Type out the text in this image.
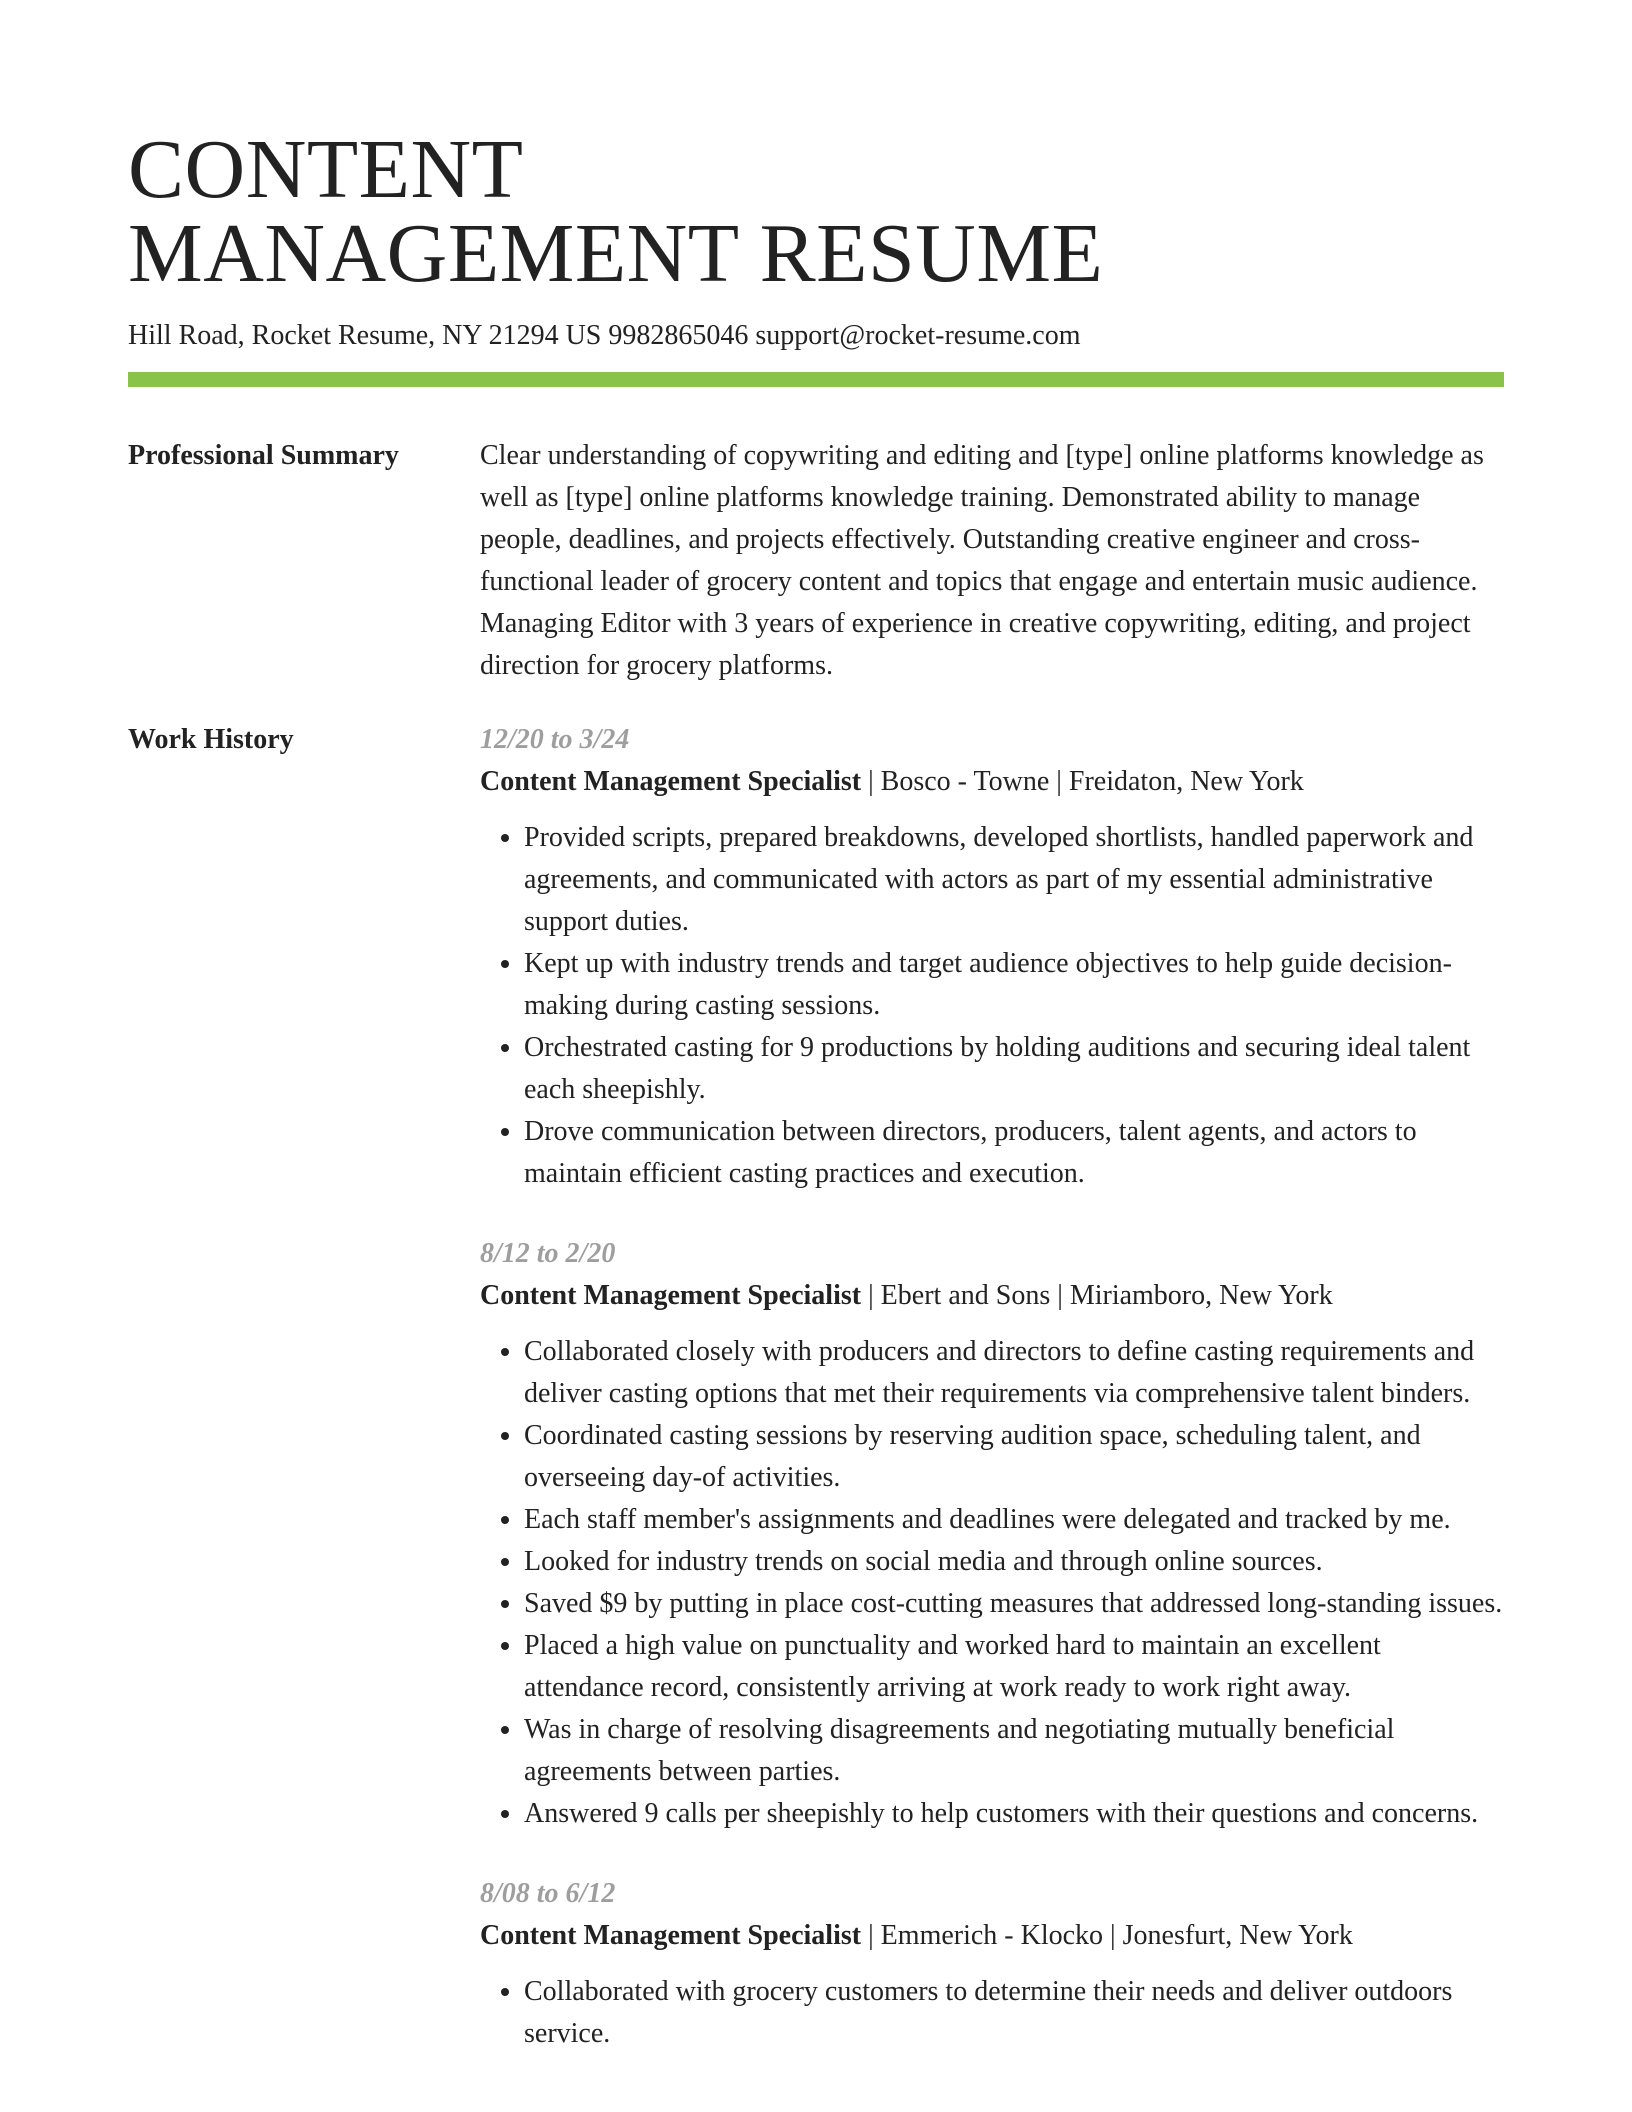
CONTENT
MANAGEMENT RESUME
Hill Road, Rocket Resume, NY 21294 US 9982865046 support@rocket-resume.com
Professional Summary	Clear understanding of copywriting and editing and [type] online platforms knowledge as well as [type] online platforms knowledge training. Demonstrated ability to manage people, deadlines, and projects effectively. Outstanding creative engineer and cross-functional leader of grocery content and topics that engage and entertain music audience. Managing Editor with 3 years of experience in creative copywriting, editing, and project direction for grocery platforms.

Work History	12/20 to 3/24
Content Management Specialist | Bosco - Towne | Freidaton, New York
• Provided scripts, prepared breakdowns, developed shortlists, handled paperwork and agreements, and communicated with actors as part of my essential administrative support duties.
• Kept up with industry trends and target audience objectives to help guide decision-making during casting sessions.
• Orchestrated casting for 9 productions by holding auditions and securing ideal talent each sheepishly.
• Drove communication between directors, producers, talent agents, and actors to maintain efficient casting practices and execution.
8/12 to 2/20
Content Management Specialist | Ebert and Sons | Miriamboro, New York
• Collaborated closely with producers and directors to define casting requirements and deliver casting options that met their requirements via comprehensive talent binders.
• Coordinated casting sessions by reserving audition space, scheduling talent, and overseeing day-of activities.
• Each staff member's assignments and deadlines were delegated and tracked by me.
• Looked for industry trends on social media and through online sources.
• Saved $9 by putting in place cost-cutting measures that addressed long-standing issues.
• Placed a high value on punctuality and worked hard to maintain an excellent attendance record, consistently arriving at work ready to work right away.
• Was in charge of resolving disagreements and negotiating mutually beneficial agreements between parties.
• Answered 9 calls per sheepishly to help customers with their questions and concerns.
8/08 to 6/12
Content Management Specialist | Emmerich - Klocko | Jonesfurt, New York
• Collaborated with grocery customers to determine their needs and deliver outdoors service.
